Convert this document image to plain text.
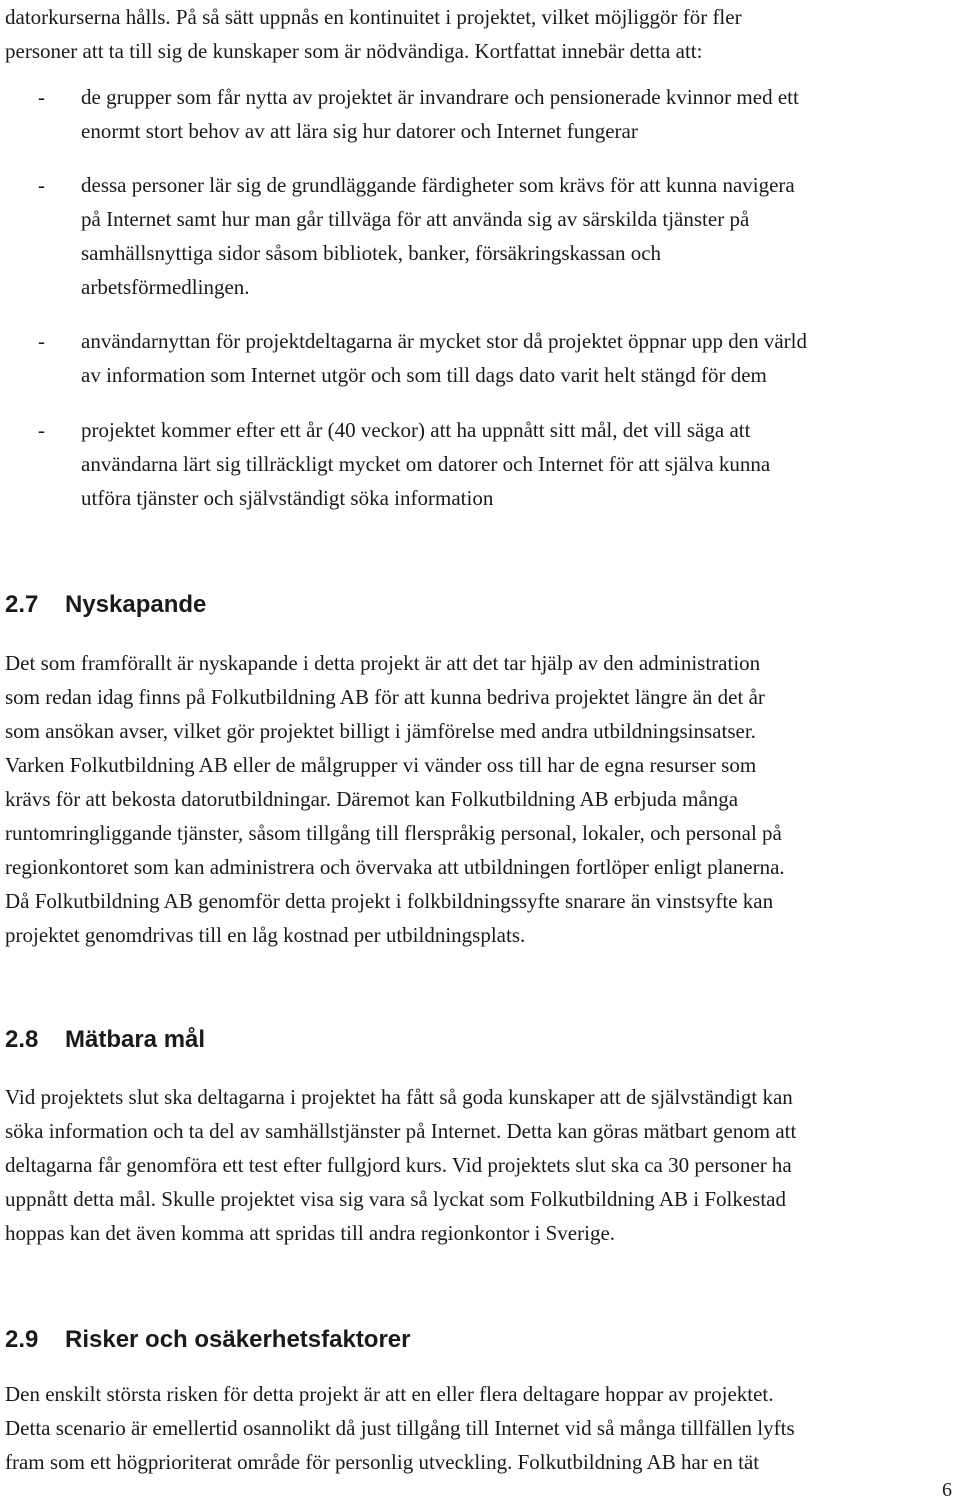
datorkurserna hålls. På så sätt uppnås en kontinuitet i projektet, vilket möjliggör för fler

personer att ta till sig de kunskaper som är nödvändiga. Kortfattat innebär detta att:

- de grupper som får nytta av projektet är invandrare och pensionerade kvinnor med ett
enormt stort behov av att lära sig hur datorer och Internet fungerar
- dessa personer lär sig de grundläggande färdigheter som krävs för att kunna navigera
på Internet samt hur man går tillväga för att använda sig av särskilda tjänster på
samhällsnyttiga sidor såsom bibliotek, banker, försäkringskassan och
arbetsförmedlingen.
- användarnyttan för projektdeltagarna är mycket stor då projektet öppnar upp den värld
av information som Internet utgör och som till dags dato varit helt stängd för dem
- projektet kommer efter ett år (40 veckor) att ha uppnått sitt mål, det vill säga att
användarna lärt sig tillräckligt mycket om datorer och Internet för att själva kunna
utföra tjänster och självständigt söka information
2.7 Nyskapande
Det som framförallt är nyskapande i detta projekt är att det tar hjälp av den administration
som redan idag finns på Folkutbildning AB för att kunna bedriva projektet längre än det år
som ansökan avser, vilket gör projektet billigt i jämförelse med andra utbildningsinsatser.
Varken Folkutbildning AB eller de målgrupper vi vänder oss till har de egna resurser som
krävs för att bekosta datorutbildningar. Däremot kan Folkutbildning AB erbjuda många
runtomringliggande tjänster, såsom tillgång till flerspråkig personal, lokaler, och personal på
regionkontoret som kan administrera och övervaka att utbildningen fortlöper enligt planerna.
Då Folkutbildning AB genomför detta projekt i folkbildningssyfte snarare än vinstsyfte kan
projektet genomdrivas till en låg kostnad per utbildningsplats.
2.8 Mätbara mål
Vid projektets slut ska deltagarna i projektet ha fått så goda kunskaper att de självständigt kan
söka information och ta del av samhällstjänster på Internet. Detta kan göras mätbart genom att
deltagarna får genomföra ett test efter fullgjord kurs. Vid projektets slut ska ca 30 personer ha
uppnått detta mål. Skulle projektet visa sig vara så lyckat som Folkutbildning AB i Folkestad
hoppas kan det även komma att spridas till andra regionkontor i Sverige.
2.9 Risker och osäkerhetsfaktorer
Den enskilt största risken för detta projekt är att en eller flera deltagare hoppar av projektet.
Detta scenario är emellertid osannolikt då just tillgång till Internet vid så många tillfällen lyfts
fram som ett högprioriterat område för personlig utveckling. Folkutbildning AB har en tät
6
